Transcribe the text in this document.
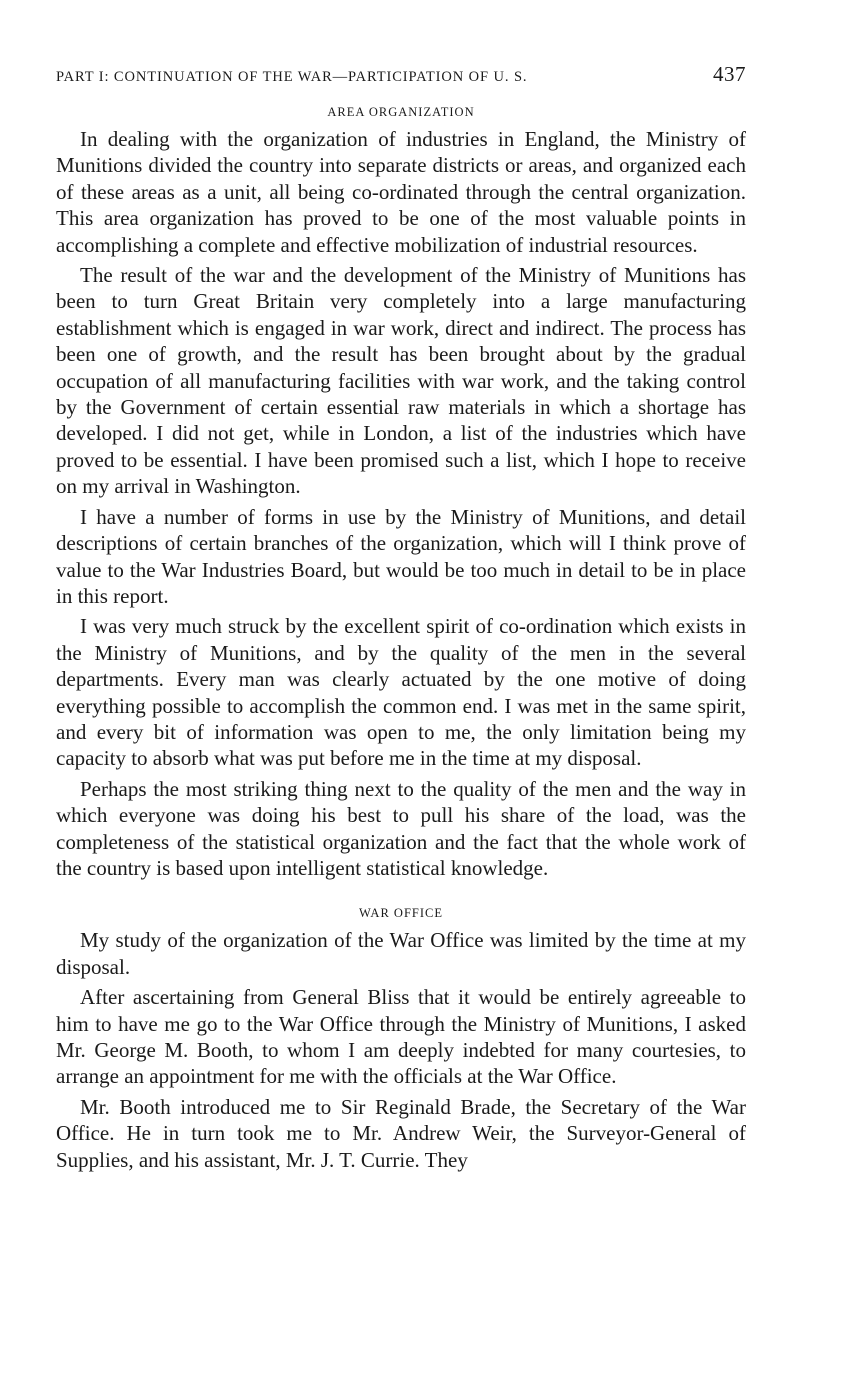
PART I: CONTINUATION OF THE WAR—PARTICIPATION OF U. S.	437
AREA ORGANIZATION

In dealing with the organization of industries in England, the Ministry of Munitions divided the country into separate districts or areas, and organized each of these areas as a unit, all being co-ordinated through the central organization. This area organization has proved to be one of the most valuable points in accomplishing a complete and effective mobilization of industrial resources.

The result of the war and the development of the Ministry of Munitions has been to turn Great Britain very completely into a large manufacturing establishment which is engaged in war work, direct and indirect. The process has been one of growth, and the result has been brought about by the gradual occupation of all manufacturing facilities with war work, and the taking control by the Government of certain essential raw materials in which a shortage has developed. I did not get, while in London, a list of the industries which have proved to be essential. I have been promised such a list, which I hope to receive on my arrival in Washington.

I have a number of forms in use by the Ministry of Munitions, and detail descriptions of certain branches of the organization, which will I think prove of value to the War Industries Board, but would be too much in detail to be in place in this report.

I was very much struck by the excellent spirit of co-ordination which exists in the Ministry of Munitions, and by the quality of the men in the several departments. Every man was clearly actuated by the one motive of doing everything possible to accomplish the common end. I was met in the same spirit, and every bit of information was open to me, the only limitation being my capacity to absorb what was put before me in the time at my disposal.

Perhaps the most striking thing next to the quality of the men and the way in which everyone was doing his best to pull his share of the load, was the completeness of the statistical organization and the fact that the whole work of the country is based upon intelligent statistical knowledge.

WAR OFFICE

My study of the organization of the War Office was limited by the time at my disposal.

After ascertaining from General Bliss that it would be entirely agreeable to him to have me go to the War Office through the Ministry of Munitions, I asked Mr. George M. Booth, to whom I am deeply indebted for many courtesies, to arrange an appointment for me with the officials at the War Office.

Mr. Booth introduced me to Sir Reginald Brade, the Secretary of the War Office. He in turn took me to Mr. Andrew Weir, the Surveyor-General of Supplies, and his assistant, Mr. J. T. Currie. They
